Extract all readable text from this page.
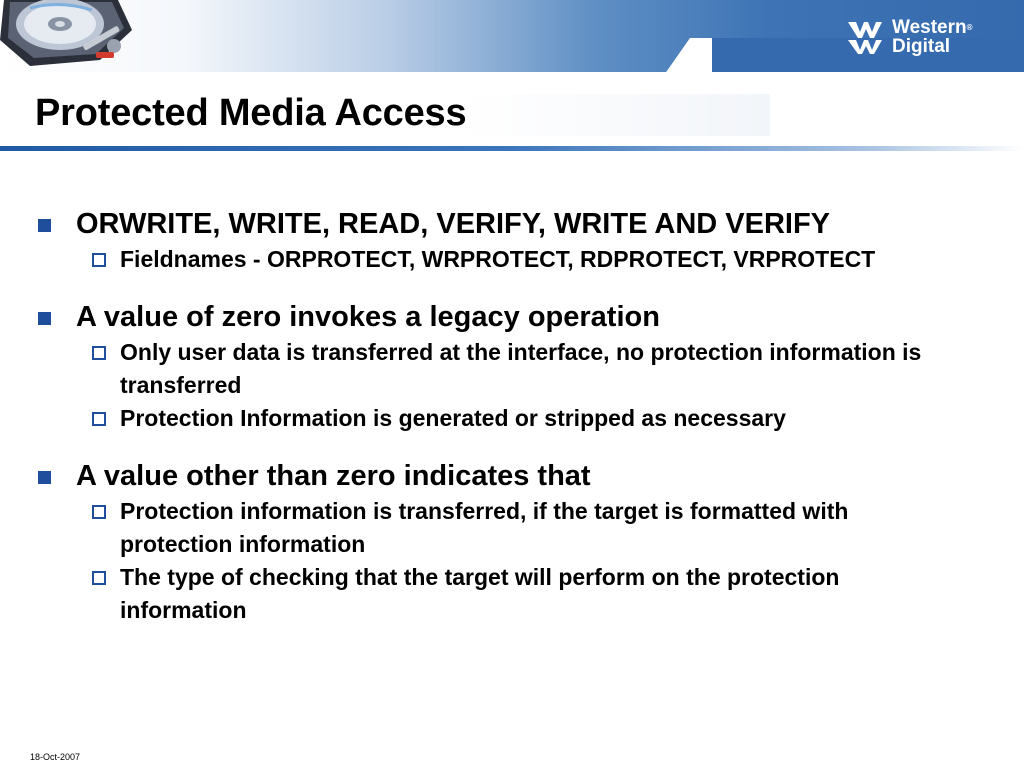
Western®
Digital
Protected Media Access
ORWRITE, WRITE, READ, VERIFY, WRITE AND VERIFY
Fieldnames - ORPROTECT, WRPROTECT, RDPROTECT, VRPROTECT
A value of zero invokes a legacy operation
Only user data is transferred at the interface, no protection information is transferred
Protection Information is generated or stripped as necessary
A value other than zero indicates that
Protection information is transferred, if the target is formatted with protection information
The type of checking that the target will perform on the protection information
18-Oct-2007
